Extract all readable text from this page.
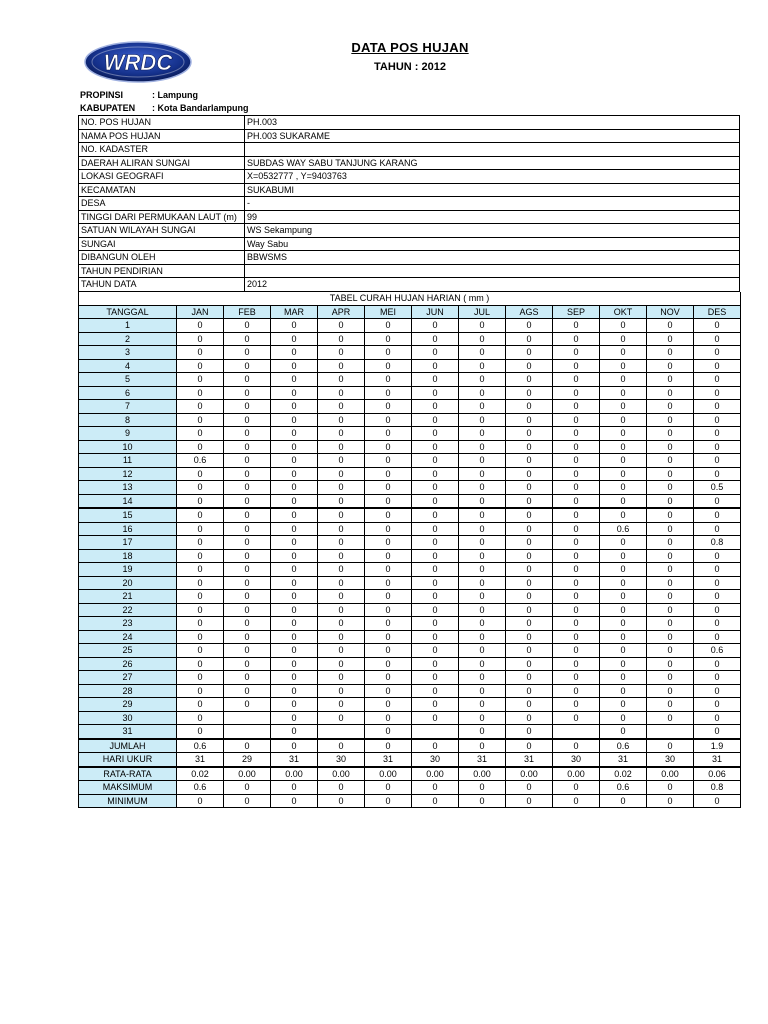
WRDC
DATA POS HUJAN
TAHUN : 2012
PROPINSI	: Lampung
KABUPATEN : Kota Bandarlampung
NO. POS HUJAN	PH.003
NAMA POS HUJAN	PH.003 SUKARAME
NO. KADASTER	
DAERAH ALIRAN SUNGAI	SUBDAS WAY SABU TANJUNG KARANG
LOKASI GEOGRAFI	X=0532777 , Y=9403763
KECAMATAN	SUKABUMI
DESA	-
TINGGI DARI PERMUKAAN LAUT (m)	99
SATUAN WILAYAH SUNGAI	WS Sekampung
SUNGAI	Way Sabu
DIBANGUN OLEH	BBWSMS
TAHUN PENDIRIAN	
TAHUN DATA	2012
TABEL CURAH HUJAN HARIAN ( mm )												
TANGGAL	JAN	FEB	MAR	APR	MEI	JUN	JUL	AGS	SEP	OKT	NOV	DES
1	0	0	0	0	0	0	0	0	0	0	0	0
2	0	0	0	0	0	0	0	0	0	0	0	0
3	0	0	0	0	0	0	0	0	0	0	0	0
4	0	0	0	0	0	0	0	0	0	0	0	0
5	0	0	0	0	0	0	0	0	0	0	0	0
6	0	0	0	0	0	0	0	0	0	0	0	0
7	0	0	0	0	0	0	0	0	0	0	0	0
8	0	0	0	0	0	0	0	0	0	0	0	0
9	0	0	0	0	0	0	0	0	0	0	0	0
10	0	0	0	0	0	0	0	0	0	0	0	0
11	0.6	0	0	0	0	0	0	0	0	0	0	0
12	0	0	0	0	0	0	0	0	0	0	0	0
13	0	0	0	0	0	0	0	0	0	0	0	0.5
14	0	0	0	0	0	0	0	0	0	0	0	0
15	0	0	0	0	0	0	0	0	0	0	0	0
16	0	0	0	0	0	0	0	0	0	0.6	0	0
17	0	0	0	0	0	0	0	0	0	0	0	0.8
18	0	0	0	0	0	0	0	0	0	0	0	0
19	0	0	0	0	0	0	0	0	0	0	0	0
20	0	0	0	0	0	0	0	0	0	0	0	0
21	0	0	0	0	0	0	0	0	0	0	0	0
22	0	0	0	0	0	0	0	0	0	0	0	0
23	0	0	0	0	0	0	0	0	0	0	0	0
24	0	0	0	0	0	0	0	0	0	0	0	0
25	0	0	0	0	0	0	0	0	0	0	0	0.6
26	0	0	0	0	0	0	0	0	0	0	0	0
27	0	0	0	0	0	0	0	0	0	0	0	0
28	0	0	0	0	0	0	0	0	0	0	0	0
29	0	0	0	0	0	0	0	0	0	0	0	0
30	0		0	0	0	0	0	0	0	0	0	0
31	0		0		0		0	0		0		0
JUMLAH	0.6	0	0	0	0	0	0	0	0	0.6	0	1.9
HARI UKUR	31	29	31	30	31	30	31	31	30	31	30	31
RATA-RATA	0.02	0.00	0.00	0.00	0.00	0.00	0.00	0.00	0.00	0.02	0.00	0.06
MAKSIMUM	0.6	0	0	0	0	0	0	0	0	0.6	0	0.8
MINIMUM	0	0	0	0	0	0	0	0	0	0	0	0
